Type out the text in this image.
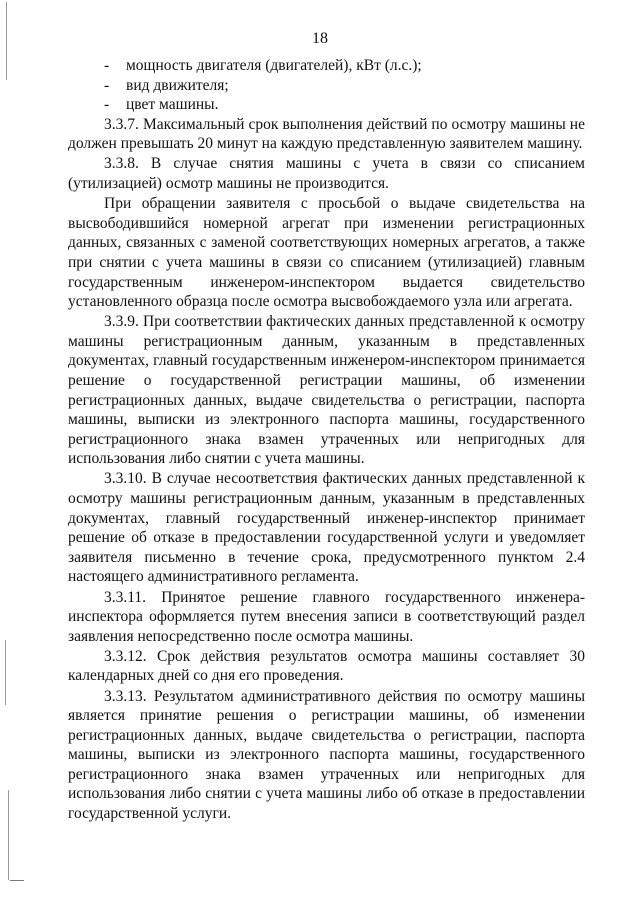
18
- мощность двигателя (двигателей), кВт (л.с.);
- вид движителя;
- цвет машины.

3.3.7. Максимальный срок выполнения действий по осмотру машины не должен превышать 20 минут на каждую представленную заявителем машину.

3.3.8. В случае снятия машины с учета в связи со списанием (утилизацией) осмотр машины не производится.

При обращении заявителя с просьбой о выдаче свидетельства на высвободившийся номерной агрегат при изменении регистрационных данных, связанных с заменой соответствующих номерных агрегатов, а также при снятии с учета машины в связи со списанием (утилизацией) главным государственным инженером-инспектором выдается свидетельство установленного образца после осмотра высвобождаемого узла или агрегата.

3.3.9. При соответствии фактических данных представленной к осмотру машины регистрационным данным, указанным в представленных документах, главный государственным инженером-инспектором принимается решение о государственной регистрации машины, об изменении регистрационных данных, выдаче свидетельства о регистрации, паспорта машины, выписки из электронного паспорта машины, государственного регистрационного знака взамен утраченных или непригодных для использования либо снятии с учета машины.

3.3.10. В случае несоответствия фактических данных представленной к осмотру машины регистрационным данным, указанным в представленных документах, главный государственный инженер-инспектор принимает решение об отказе в предоставлении государственной услуги и уведомляет заявителя письменно в течение срока, предусмотренного пунктом 2.4 настоящего административного регламента.

3.3.11. Принятое решение главного государственного инженера-инспектора оформляется путем внесения записи в соответствующий раздел заявления непосредственно после осмотра машины.

3.3.12. Срок действия результатов осмотра машины составляет 30 календарных дней со дня его проведения.

3.3.13. Результатом административного действия по осмотру машины является принятие решения о регистрации машины, об изменении регистрационных данных, выдаче свидетельства о регистрации, паспорта машины, выписки из электронного паспорта машины, государственного регистрационного знака взамен утраченных или непригодных для использования либо снятии с учета машины либо об отказе в предоставлении государственной услуги.
